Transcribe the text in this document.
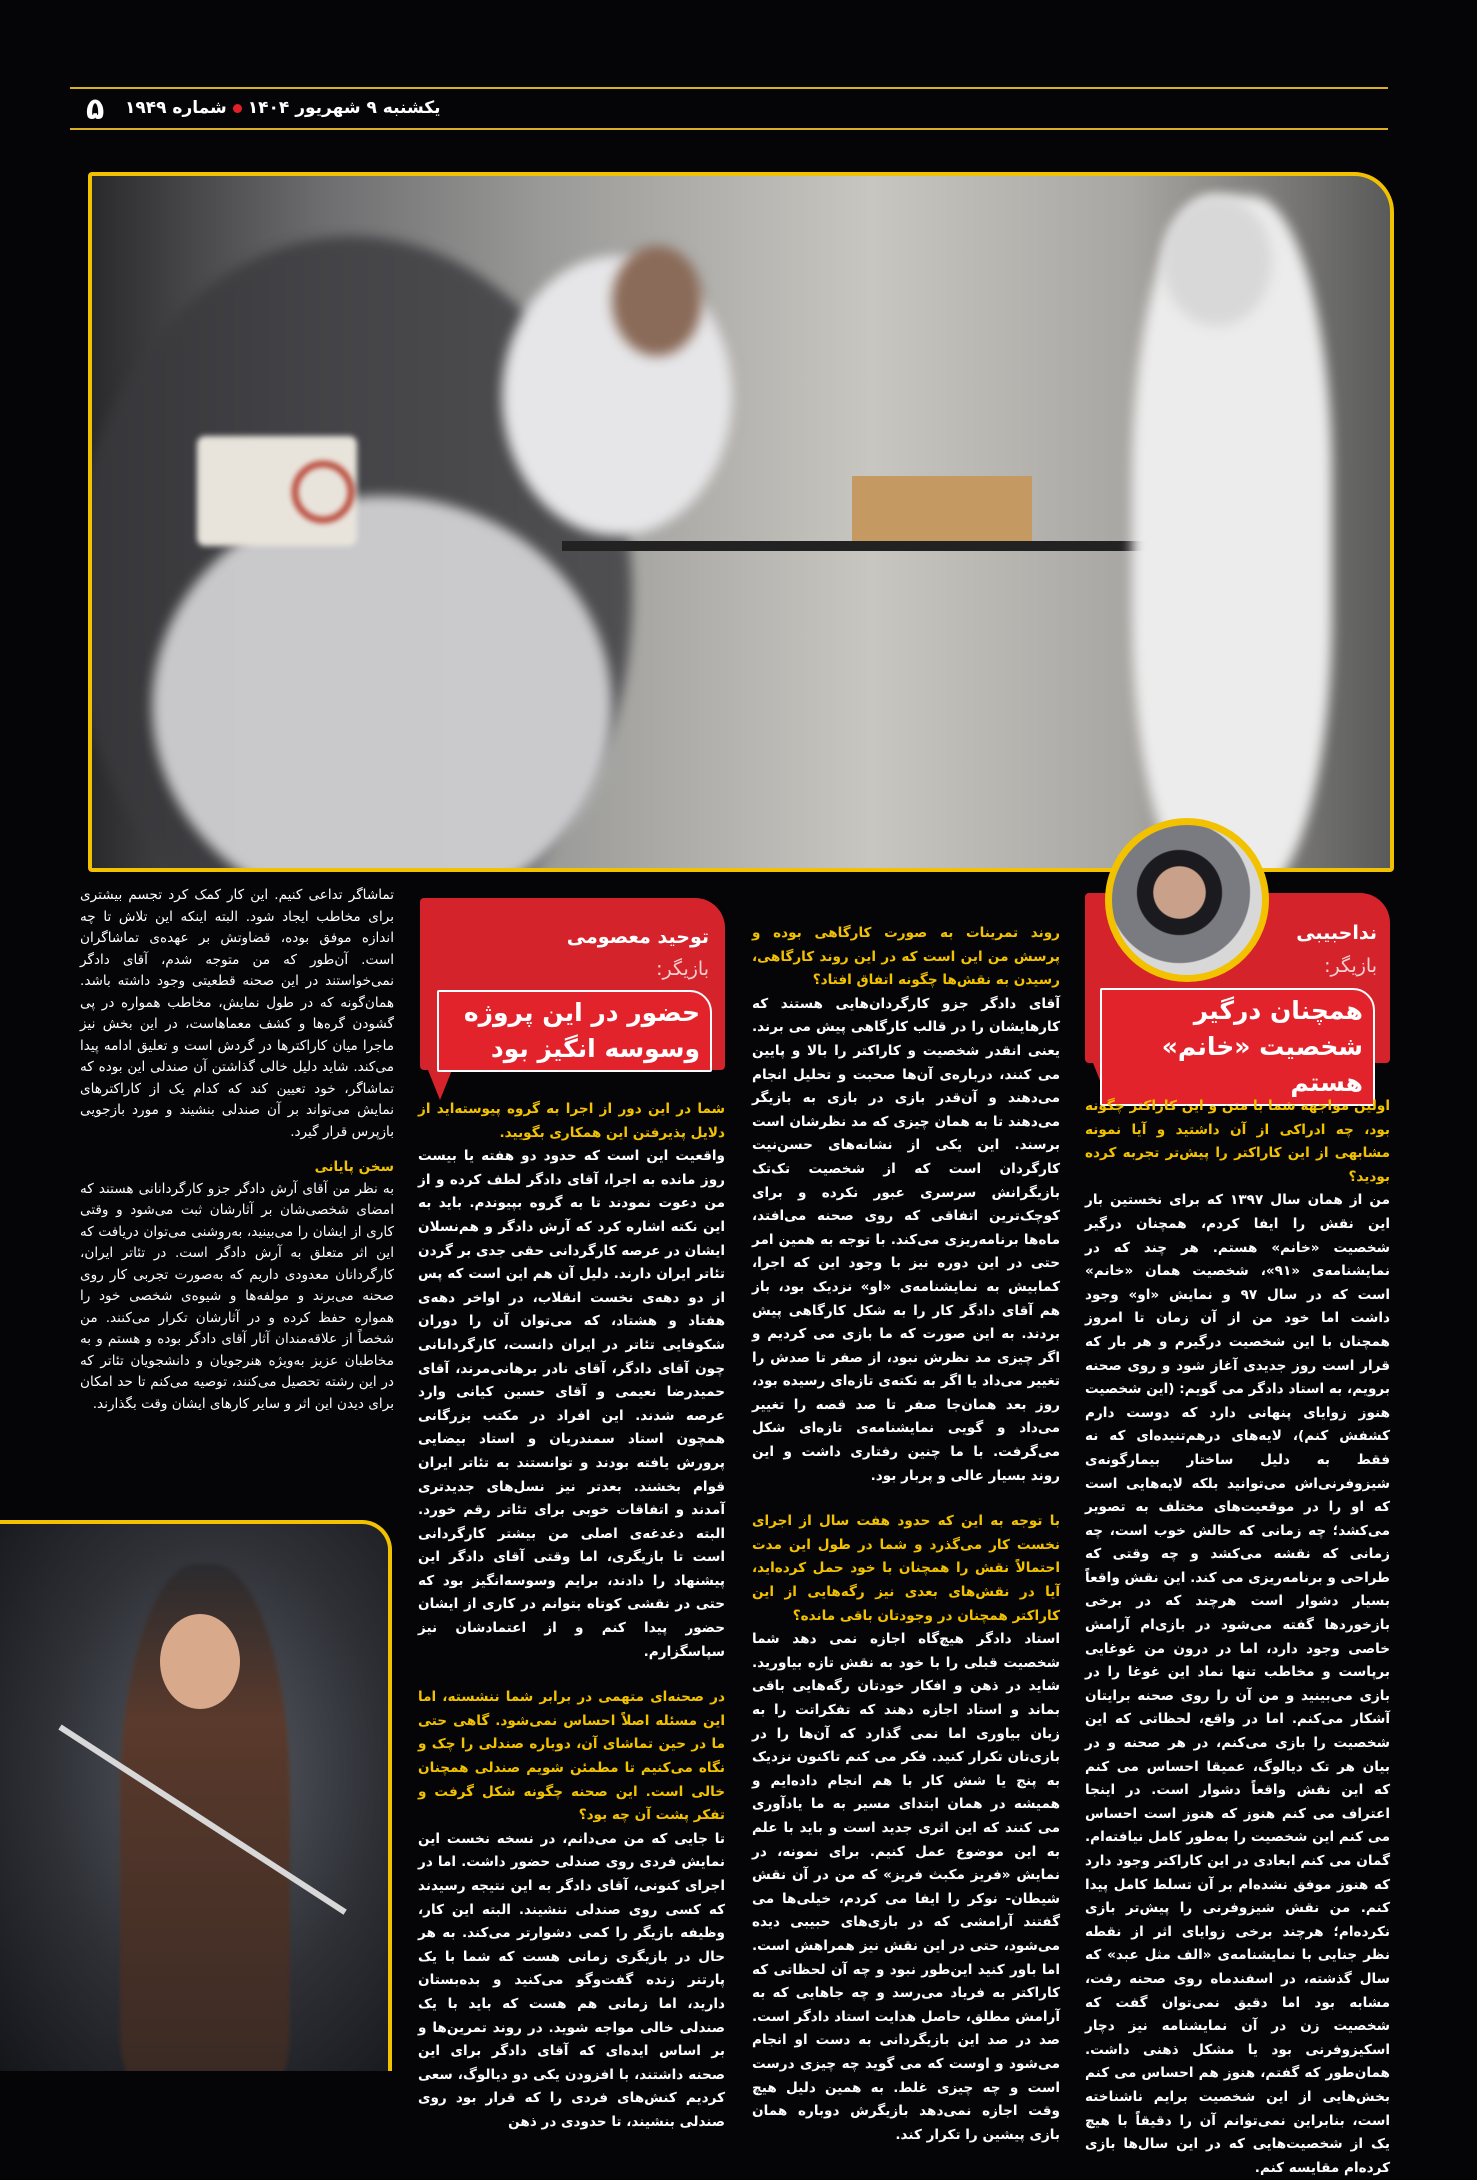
۵	یکشنبه ۹ شهریور ۱۴۰۴
شماره ۱۹۴۹
نداحبیبی
بازیگر:
همچنان درگیر شخصیت «خانم» هستم

اولین مواجهه شما با متن و این کاراکتر چگونه بود، چه ادراکی از آن داشتید و آیا نمونه مشابهی از این کاراکتر را پیش‌تر تجربه کرده بودید؟

من از همان سال ۱۳۹۷ که برای نخستین بار این نقش را ایفا کردم، همچنان درگیر شخصیت «خانم» هستم. هر چند که در نمایشنامه‌ی «۹۱»، شخصیت همان «خانم» است که در سال ۹۷ و نمایش «او» وجود داشت اما خود من از آن زمان تا امروز همچنان با این شخصیت درگیرم و هر بار که قرار است روز جدیدی آغاز شود و روی صحنه برویم، به استاد دادگر می گویم: (این شخصیت هنوز زوایای پنهانی دارد که دوست دارم کشفش کنم)، لایه‌های درهم‌تنیده‌ای که نه فقط به دلیل ساختار بیمارگونه‌ی شیزوفرنی‌اش می‌توانید بلکه لایه‌هایی است که او را در موقعیت‌های مختلف به تصویر می‌کشد؛ چه زمانی که حالش خوب است، چه زمانی که نقشه می‌کشد و چه وقتی که طراحی و برنامه‌ریزی می کند. این نقش واقعاً بسیار دشوار است هرچند که در برخی بازخوردها گفته می‌شود در بازی‌ام آرامش خاصی وجود دارد، اما در درون من غوغایی برپاست و مخاطب تنها نماد این غوغا را در بازی می‌بینید و من آن را روی صحنه برایتان آشکار می‌کنم. اما در واقع، لحظاتی که این شخصیت را بازی می‌کنم، در هر صحنه و در بیان هر تک دیالوگ، عمیقا احساس می کنم که این نقش واقعاً دشوار است. در اینجا اعتراف می کنم هنوز که هنوز است احساس می کنم این شخصیت را به‌طور کامل نیافته‌ام. گمان می کنم ابعادی در این کاراکتر وجود دارد که هنوز موفق نشده‌ام بر آن تسلط کامل پیدا کنم. من نقش شیزوفرنی را پیش‌تر بازی نکرده‌ام؛ هرچند برخی زوایای اثر از نقطه نظر جنایی با نمایشنامه‌ی «الف مثل عبد» که سال گذشته، در اسفندماه روی صحنه رفت، مشابه بود اما دقیق نمی‌توان گفت که شخصیت زن در آن نمایشنامه نیز دچار اسکیزوفرنی بود یا مشکل ذهنی داشت. همان‌طور که گفتم، هنوز هم احساس می کنم بخش‌هایی از این شخصیت برایم ناشناخته است، بنابراین نمی‌توانم آن را دقیقاً با هیچ یک از شخصیت‌هایی که در این سال‌ها بازی کرده‌ام مقایسه کنم.

روند تمرینات به صورت کارگاهی بوده و پرسش من این است که در این روند کارگاهی، رسیدن به نقش‌ها چگونه اتفاق افتاد؟

آقای دادگر جزو کارگردان‌هایی هستند که کارهایشان را در قالب کارگاهی پیش می برند. یعنی انقدر شخصیت و کاراکتر را بالا و پایین می کنند، درباره‌ی آن‌ها صحبت و تحلیل انجام می‌دهند و آن‌قدر بازی در بازی به بازیگر می‌دهند تا به همان چیزی که مد نظرشان است برسند. این یکی از نشانه‌های حسن‌نیت کارگردان است که از شخصیت تک‌تک بازیگرانش سرسری عبور نکرده و برای کوچک‌ترین اتفاقی که روی صحنه می‌افتد، ماه‌ها برنامه‌ریزی می‌کند. با توجه به همین امر حتی در این دوره نیز با وجود این که اجرا، کمابیش به نمایشنامه‌ی «او» نزدیک بود، باز هم آقای دادگر کار را به شکل کارگاهی پیش بردند. به این صورت که ما بازی می کردیم و اگر چیزی مد نظرش نبود، از صفر تا صدش را تغییر می‌داد یا اگر به نکته‌ی تازه‌ای رسیده بود، روز بعد همان‌جا صفر تا صد قصه را تغییر می‌داد و گویی نمایشنامه‌ی تازه‌ای شکل می‌گرفت. با ما چنین رفتاری داشت و این روند بسیار عالی و پربار بود.

با توجه به این که حدود هفت سال از اجرای نخست کار می‌گذرد و شما در طول این مدت احتمالاً نقش را همچنان با خود حمل کرده‌اید، آیا در نقش‌های بعدی نیز رگه‌هایی از این کاراکتر همچنان در وجودتان باقی مانده؟

استاد دادگر هیچ‌گاه اجازه نمی دهد شما شخصیت قبلی را با خود به نقش تازه بیاورید. شاید در ذهن و افکار خودتان رگه‌هایی باقی بماند و استاد اجازه دهند که تفکراتت را به زبان بیاوری اما نمی گذارد که آن‌ها را در بازی‌تان تکرار کنید. فکر می کنم تاکنون نزدیک به پنج یا شش کار با هم انجام داده‌ایم و همیشه در همان ابتدای مسیر به ما یادآوری می کنند که این اثری جدید است و باید با علم به این موضوع عمل کنیم. برای نمونه، در نمایش «فریز مکبث فریز» که من در آن نقش شیطان- نوکر را ایفا می کردم، خیلی‌ها می گفتند آرامشی که در بازی‌های حبیبی دیده می‌شود، حتی در این نقش نیز همراهش است. اما باور کنید این‌طور نبود و چه آن لحظاتی که کاراکتر به فریاد می‌رسد و چه جاهایی که به آرامش مطلق، حاصل هدایت استاد دادگر است. صد در صد این بازیگردانی به دست او انجام می‌شود و اوست که می گوید چه چیزی درست است و چه چیزی غلط. به همین دلیل هیچ وقت اجازه نمی‌دهد بازیگرش دوباره همان بازی پیشین را تکرار کند.

توحید معصومی
بازیگر:
حضور در این پروژه وسوسه انگیز بود

شما در این دور از اجرا به گروه پیوسته‌اید از دلایل پذیرفتن این همکاری بگویید.

واقعیت این است که حدود دو هفته یا بیست روز مانده به اجرا، آقای دادگر لطف کرده و از من دعوت نمودند تا به گروه بپیوندم. باید به این نکته اشاره کرد که آرش دادگر و هم‌نسلان ایشان در عرصه کارگردانی حقی جدی بر گردن تئاتر ایران دارند. دلیل آن هم این است که پس از دو دهه‌ی نخست انقلاب، در اواخر دهه‌ی هفتاد و هشتاد، که می‌توان آن را دوران شکوفایی تئاتر در ایران دانست، کارگردانانی چون آقای دادگر، آقای نادر برهانی‌مرند، آقای حمیدرضا نعیمی و آقای حسین کیانی وارد عرصه شدند. این افراد در مکتب بزرگانی همچون استاد سمندریان و استاد بیضایی پرورش یافته بودند و توانستند به تئاتر ایران قوام بخشند. بعدتر نیز نسل‌های جدیدتری آمدند و اتفاقات خوبی برای تئاتر رقم خورد. البته دغدغه‌ی اصلی من بیشتر کارگردانی است تا بازیگری، اما وقتی آقای دادگر این پیشنهاد را دادند، برایم وسوسه‌انگیز بود که حتی در نقشی کوتاه بتوانم در کاری از ایشان حضور پیدا کنم و از اعتمادشان نیز سپاسگزارم.

در صحنه‌ای متهمی در برابر شما ننشسته، اما این مسئله اصلاً احساس نمی‌شود. گاهی حتی ما در حین تماشای آن، دوباره صندلی را چک و نگاه می‌کنیم تا مطمئن شویم صندلی همچنان خالی است. این صحنه چگونه شکل گرفت و تفکر پشت آن چه بود؟

تا جایی که من می‌دانم، در نسخه نخست این نمایش فردی روی صندلی حضور داشت. اما در اجرای کنونی، آقای دادگر به این نتیجه رسیدند که کسی روی صندلی ننشیند. البته این کار، وظیفه بازیگر را کمی دشوارتر می‌کند. به هر حال در بازیگری زمانی هست که شما با یک پارتنر زنده گفت‌وگو می‌کنید و بده‌بستان دارید، اما زمانی هم هست که باید با یک صندلی خالی مواجه شوید. در روند تمرین‌ها و بر اساس ایده‌ای که آقای دادگر برای این صحنه داشتند، با افزودن یکی دو دیالوگ، سعی کردیم کنش‌های فردی را که قرار بود روی صندلی بنشیند، تا حدودی در ذهن

تماشاگر تداعی کنیم. این کار کمک کرد تجسم بیشتری برای مخاطب ایجاد شود. البته اینکه این تلاش تا چه اندازه موفق بوده، قضاوتش بر عهده‌ی تماشاگران است. آن‌طور که من متوجه شدم، آقای دادگر نمی‌خواستند در این صحنه قطعیتی وجود داشته باشد. همان‌گونه که در طول نمایش، مخاطب همواره در پی گشودن گره‌ها و کشف معماهاست، در این بخش نیز ماجرا میان کاراکترها در گردش است و تعلیق ادامه پیدا می‌کند. شاید دلیل خالی گذاشتن آن صندلی این بوده که تماشاگر، خود تعیین کند که کدام یک از کاراکترهای نمایش می‌تواند بر آن صندلی بنشیند و مورد بازجویی بازپرس قرار گیرد.

سخن پایانی

به نظر من آقای آرش دادگر جزو کارگردانانی هستند که امضای شخصی‌شان بر آثارشان ثبت می‌شود و وقتی کاری از ایشان را می‌بینید، به‌روشنی می‌توان دریافت که این اثر متعلق به آرش دادگر است. در تئاتر ایران، کارگردانان معدودی داریم که به‌صورت تجربی کار روی صحنه می‌برند و مولفه‌ها و شیوه‌ی شخصی خود را همواره حفظ کرده و در آثارشان تکرار می‌کنند. من شخصاً از علاقه‌مندان آثار آقای دادگر بوده و هستم و به مخاطبان عزیز به‌ویژه هنرجویان و دانشجویان تئاتر که در این رشته تحصیل می‌کنند، توصیه می‌کنم تا حد امکان برای دیدن این اثر و سایر کارهای ایشان وقت بگذارند.
